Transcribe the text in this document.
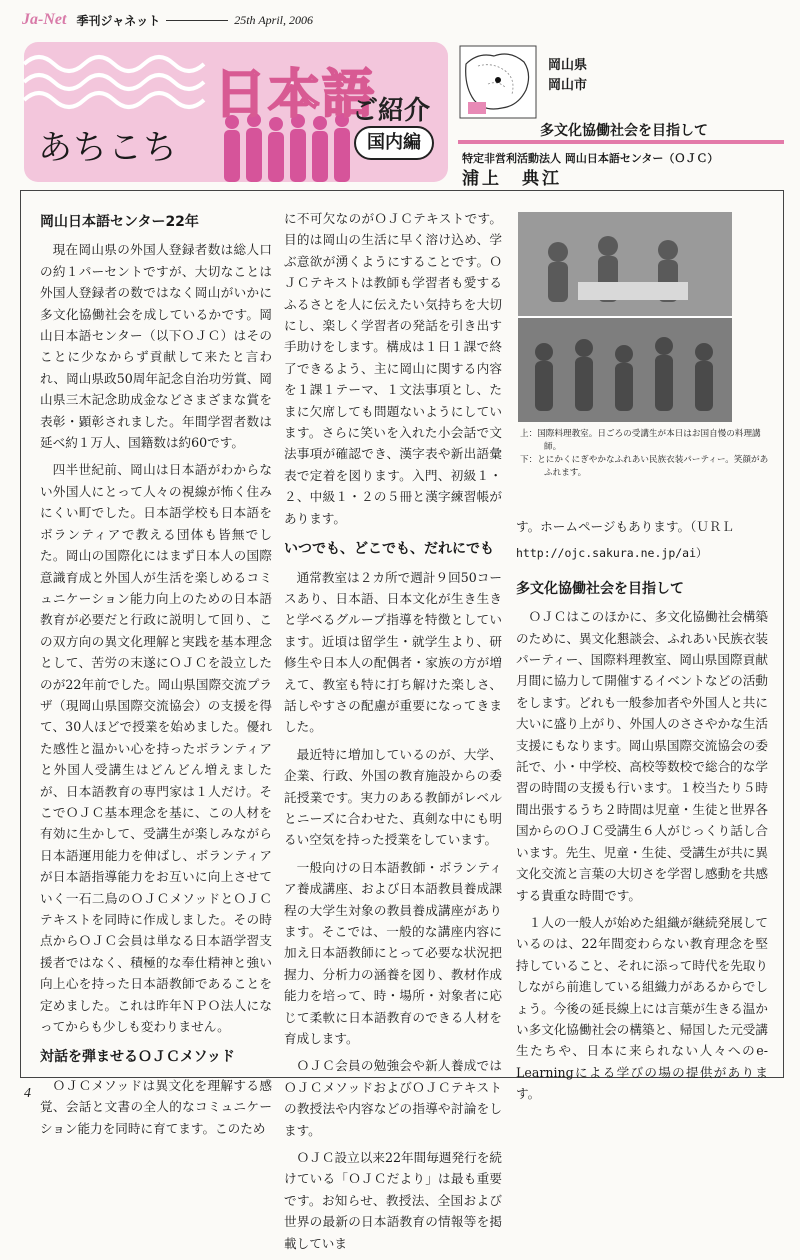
Ja-Net 季刊ジャネット	25th April, 2006
あちこち
日本語
ご紹介
国内編
岡山県
岡山市
多文化協働社会を目指して
特定非営利活動法人 岡山日本語センター（ＯＪＣ）
浦上　典江
岡山日本語センター22年

現在岡山県の外国人登録者数は総人口の約１パーセントですが、大切なことは外国人登録者の数ではなく岡山がいかに多文化協働社会を成しているかです。岡山日本語センター（以下ＯＪＣ）はそのことに少なからず貢献して来たと言われ、岡山県政50周年記念自治功労賞、岡山県三木記念助成金などさまざまな賞を表彰・顕彰されました。年間学習者数は延べ約１万人、国籍数は約60です。

四半世紀前、岡山は日本語がわからない外国人にとって人々の視線が怖く住みにくい町でした。日本語学校も日本語をボランティアで教える団体も皆無でした。岡山の国際化にはまず日本人の国際意識育成と外国人が生活を楽しめるコミュニケーション能力向上のための日本語教育が必要だと行政に説明して回り、この双方向の異文化理解と実践を基本理念として、苦労の末遂にＯＪＣを設立したのが22年前でした。岡山県国際交流プラザ（現岡山県国際交流協会）の支援を得て、30人ほどで授業を始めました。優れた感性と温かい心を持ったボランティアと外国人受講生はどんどん増えましたが、日本語教育の専門家は１人だけ。そこでＯＪＣ基本理念を基に、この人材を有効に生かして、受講生が楽しみながら日本語運用能力を伸ばし、ボランティアが日本語指導能力をお互いに向上させていく一石二鳥のＯＪＣメソッドとＯＪＣテキストを同時に作成しました。その時点からＯＪＣ会員は単なる日本語学習支援者ではなく、積極的な奉仕精神と強い向上心を持った日本語教師であることを定めました。これは昨年ＮＰＯ法人になってからも少しも変わりません。

対話を弾ませるＯＪＣメソッド

ＯＪＣメソッドは異文化を理解する感覚、会話と文書の全人的なコミュニケーション能力を同時に育てます。このため

に不可欠なのがＯＪＣテキストです。目的は岡山の生活に早く溶け込め、学ぶ意欲が湧くようにすることです。ＯＪＣテキストは教師も学習者も愛するふるさとを人に伝えたい気持ちを大切にし、楽しく学習者の発話を引き出す手助けをします。構成は１日１課で終了できるよう、主に岡山に関する内容を１課１テーマ、１文法事項とし、たまに欠席しても問題ないようにしています。さらに笑いを入れた小会話で文法事項が確認でき、漢字表や新出語彙表で定着を図ります。入門、初級１・２、中級１・２の５冊と漢字練習帳があります。

いつでも、どこでも、だれにでも

通常教室は２カ所で週計９回50コースあり、日本語、日本文化が生き生きと学べるグループ指導を特徴としています。近頃は留学生・就学生より、研修生や日本人の配偶者・家族の方が増えて、教室も特に打ち解けた楽しさ、話しやすさの配慮が重要になってきました。

最近特に増加しているのが、大学、企業、行政、外国の教育施設からの委託授業です。実力のある教師がレベルとニーズに合わせた、真剣な中にも明るい空気を持った授業をしています。

一般向けの日本語教師・ボランティア養成講座、および日本語教員養成課程の大学生対象の教員養成講座があります。そこでは、一般的な講座内容に加え日本語教師にとって必要な状況把握力、分析力の涵養を図り、教材作成能力を培って、時・場所・対象者に応じて柔軟に日本語教育のできる人材を育成します。

ＯＪＣ会員の勉強会や新人養成ではＯＪＣメソッドおよびＯＪＣテキストの教授法や内容などの指導や討論をします。

ＯＪＣ設立以来22年間毎週発行を続けている「ＯＪＣだより」は最も重要です。お知らせ、教授法、全国および世界の最新の日本語教育の情報等を掲載していま

上：国際料理教室。日ごろの受講生が本日はお国自慢の料理講師。
下：とにかくにぎやかなふれあい民族衣装パーティー。笑顔があふれます。

す。ホームページもあります。（ＵＲＬ

http://ojc.sakura.ne.jp/ai）

多文化協働社会を目指して

ＯＪＣはこのほかに、多文化協働社会構築のために、異文化懇談会、ふれあい民族衣装パーティー、国際料理教室、岡山県国際貢献月間に協力して開催するイベントなどの活動をします。どれも一般参加者や外国人と共に大いに盛り上がり、外国人のささやかな生活支援にもなります。岡山県国際交流協会の委託で、小・中学校、高校等数校で総合的な学習の時間の支援も行います。１校当たり５時間出張するうち２時間は児童・生徒と世界各国からのＯＪＣ受講生６人がじっくり話し合います。先生、児童・生徒、受講生が共に異文化交流と言葉の大切さを学習し感動を共感する貴重な時間です。

１人の一般人が始めた組織が継続発展しているのは、22年間変わらない教育理念を堅持していること、それに添って時代を先取りしながら前進している組織力があるからでしょう。今後の延長線上には言葉が生きる温かい多文化協働社会の構築と、帰国した元受講生たちや、日本に来られない人々へのe-Learningによる学びの場の提供があります。

4
